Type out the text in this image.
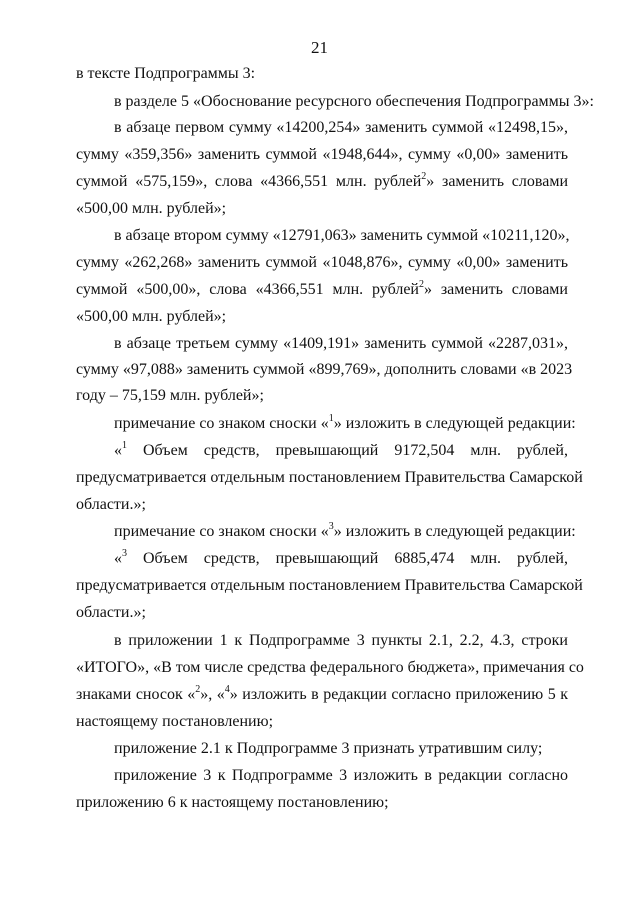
21
в тексте Подпрограммы 3:
в разделе 5 «Обоснование ресурсного обеспечения Подпрограммы 3»:
в абзаце первом сумму «14200,254» заменить суммой «12498,15»,
сумму «359,356» заменить суммой «1948,644», сумму «0,00» заменить
суммой «575,159», слова «4366,551 млн. рублей$^2$» заменить словами
«500,00 млн. рублей»;
в абзаце втором сумму «12791,063» заменить суммой «10211,120»,
сумму «262,268» заменить суммой «1048,876», сумму «0,00» заменить
суммой «500,00», слова «4366,551 млн. рублей$^2$» заменить словами
«500,00 млн. рублей»;
в абзаце третьем сумму «1409,191» заменить суммой «2287,031»,
сумму «97,088» заменить суммой «899,769», дополнить словами «в 2023
году – 75,159 млн. рублей»;
примечание со знаком сноски «$^1$» изложить в следующей редакции:
«$^1$ Объем средств, превышающий 9172,504 млн. рублей,
предусматривается отдельным постановлением Правительства Самарской
области.»;
примечание со знаком сноски «$^3$» изложить в следующей редакции:
«$^3$ Объем средств, превышающий 6885,474 млн. рублей,
предусматривается отдельным постановлением Правительства Самарской
области.»;
в приложении 1 к Подпрограмме 3 пункты 2.1, 2.2, 4.3, строки
«ИТОГО», «В том числе средства федерального бюджета», примечания со
знаками сносок «$^2$», «$^4$» изложить в редакции согласно приложению 5 к
настоящему постановлению;
приложение 2.1 к Подпрограмме 3 признать утратившим силу;
приложение 3 к Подпрограмме 3 изложить в редакции согласно
приложению 6 к настоящему постановлению;
